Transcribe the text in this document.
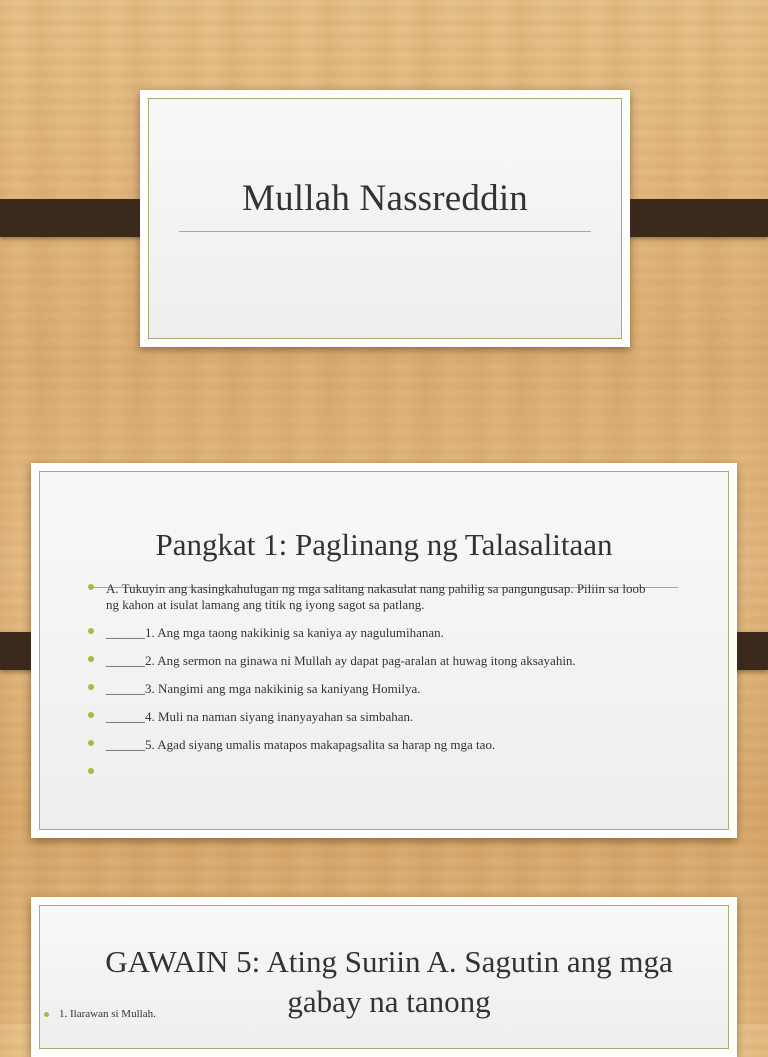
Mullah Nassreddin
Pangkat 1: Paglinang ng Talasalitaan
A. Tukuyin ang kasingkahulugan ng mga salitang nakasulat nang pahilig sa pangungusap. Piliin sa loob ng kahon at isulat lamang ang titik ng iyong sagot sa patlang.
______1. Ang mga taong nakikinig sa kaniya ay nagulumihanan.
______2. Ang sermon na ginawa ni Mullah ay dapat pag-aralan at huwag itong aksayahin.
______3. Nangimi ang mga nakikinig sa kaniyang Homilya.
______4. Muli na naman siyang inanyayahan sa simbahan.
______5. Agad siyang umalis matapos makapagsalita sa harap ng mga tao.
GAWAIN 5: Ating Suriin A. Sagutin ang mga gabay na tanong
1. Ilarawan si Mullah.
